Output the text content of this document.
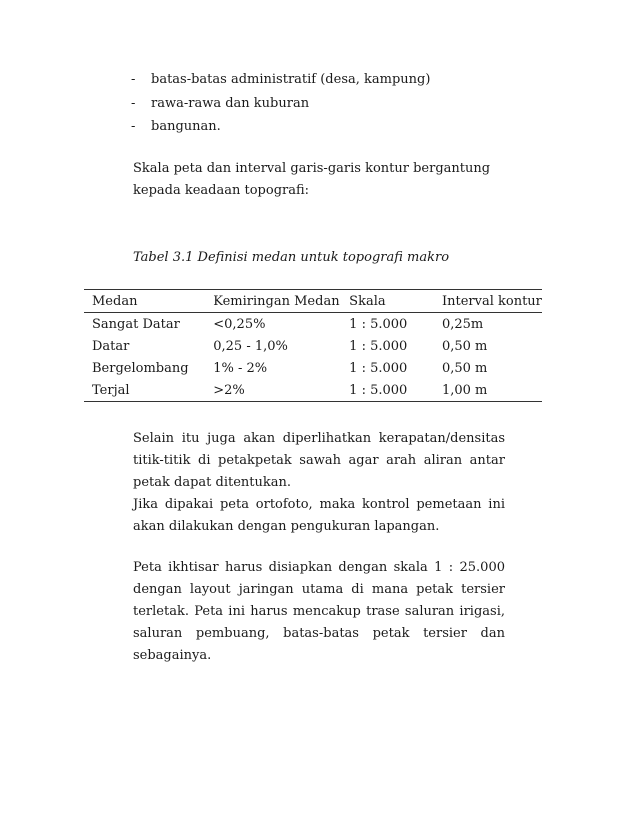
- batas-batas administratif (desa, kampung)
- rawa-rawa dan kuburan
- bangunan.

Skala peta dan interval garis-garis kontur bergantung kepada keadaan topografi:

Tabel 3.1 Definisi medan untuk topografi makro
Medan	Kemiringan Medan	Skala	Interval kontur
Sangat Datar	<0,25%	1 : 5.000	0,25m
Datar	0,25 - 1,0%	1 : 5.000	0,50 m
Bergelombang	1% - 2%	1 : 5.000	0,50 m
Terjal	>2%	1 : 5.000	1,00 m

Selain itu juga akan diperlihatkan kerapatan/densitas titik-titik di petakpetak sawah agar arah aliran antar petak dapat ditentukan.

Jika dipakai peta ortofoto, maka kontrol pemetaan ini akan dilakukan dengan pengukuran lapangan.

Peta ikhtisar harus disiapkan dengan skala 1 : 25.000 dengan layout jaringan utama di mana petak tersier terletak. Peta ini harus mencakup trase saluran irigasi, saluran pembuang, batas-batas petak tersier dan sebagainya.
